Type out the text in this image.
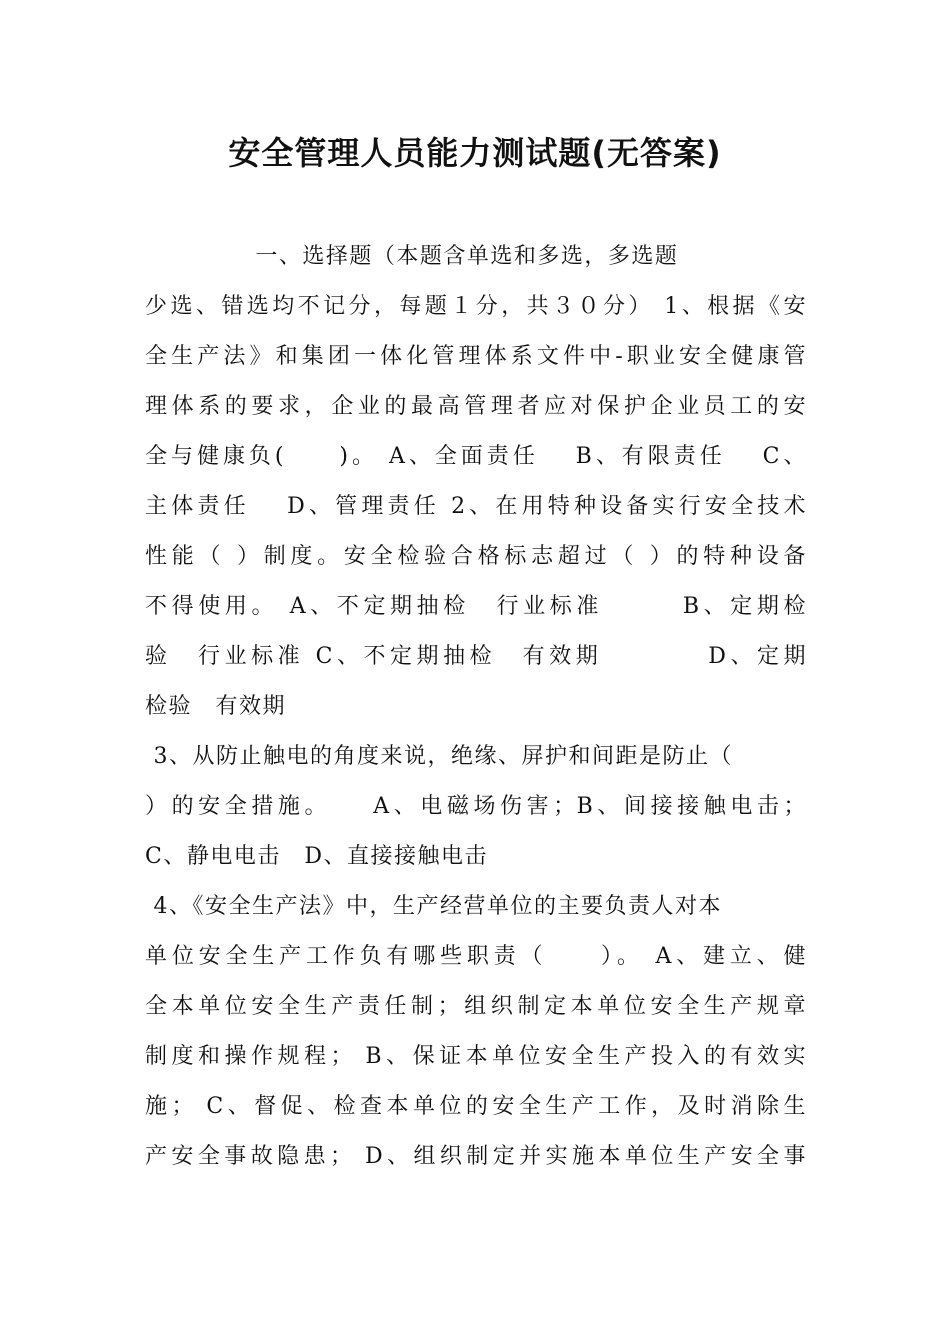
安全管理人员能力测试题(无答案)
一、选择题（本题含单选和多选，多选题
少选、错选均不记分，每题１分，共３０分） 1、根据《安
全生产法》和集团一体化管理体系文件中-职业安全健康管
理体系的要求，企业的最高管理者应对保护企业员工的安
全与健康负(　　)。 A、全面责任　 B、有限责任　 C、
主体责任　 D、管理责任 2、在用特种设备实行安全技术
性能（ ）制度。安全检验合格标志超过（ ）的特种设备
不得使用。 A、不定期抽检　行业标准　　　B、定期检
验　行业标准 C、不定期抽检　有效期　　　　D、定期
检验　有效期
3、从防止触电的角度来说，绝缘、屏护和间距是防止（
）的安全措施。　　A、电磁场伤害；B、间接接触电击；
C、静电电击　D、直接接触电击
4、《安全生产法》中，生产经营单位的主要负责人对本
单位安全生产工作负有哪些职责（　　）。 A、建立、健
全本单位安全生产责任制；组织制定本单位安全生产规章
制度和操作规程； B、保证本单位安全生产投入的有效实
施； C、督促、检查本单位的安全生产工作，及时消除生
产安全事故隐患； D、组织制定并实施本单位生产安全事
